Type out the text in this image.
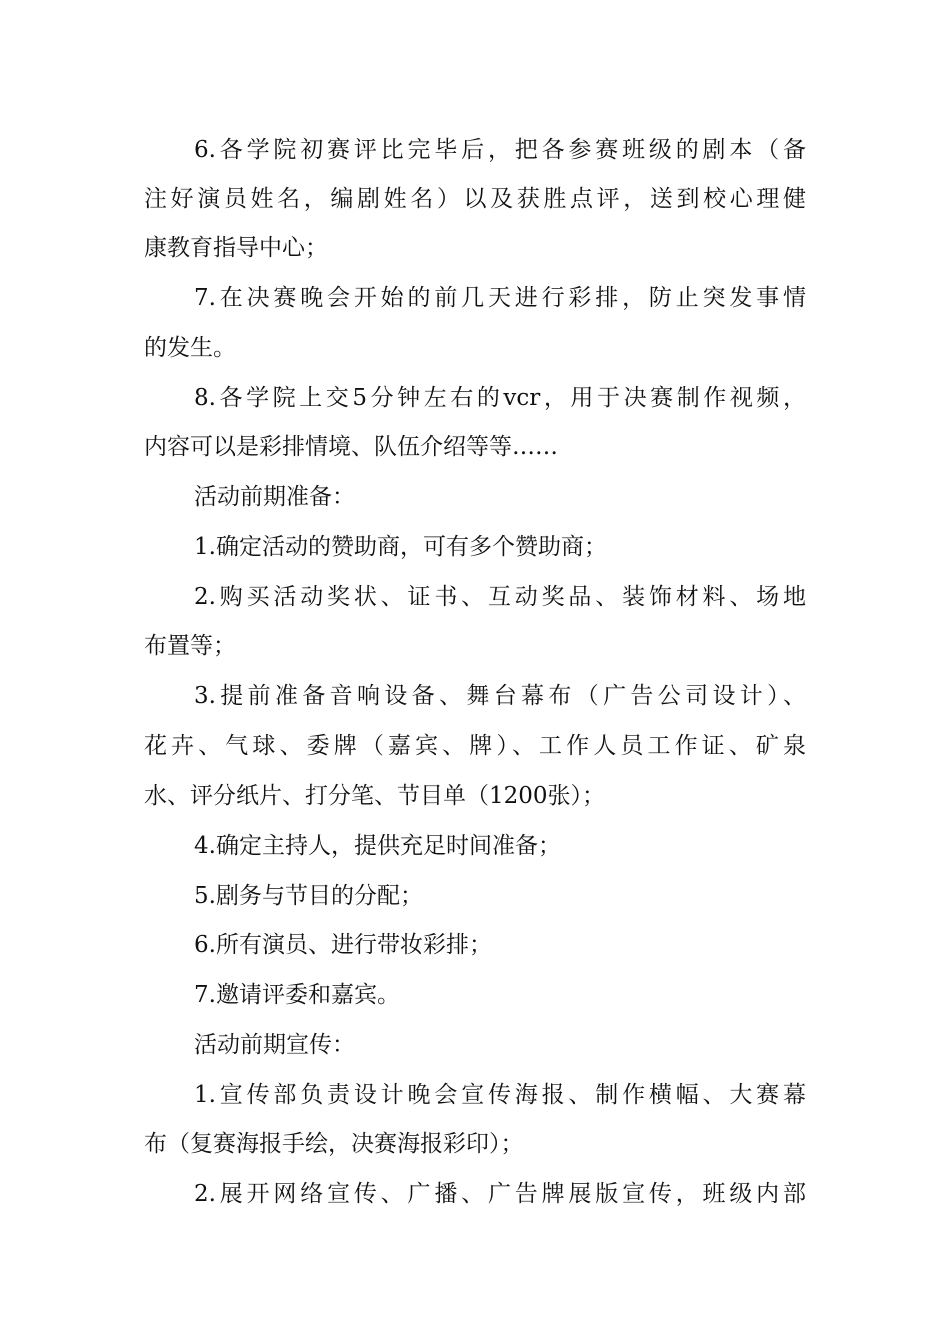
6.各学院初赛评比完毕后，把各参赛班级的剧本（备
注好演员姓名，编剧姓名）以及获胜点评，送到校心理健
康教育指导中心；
7.在决赛晚会开始的前几天进行彩排，防止突发事情
的发生。
8.各学院上交5分钟左右的vcr，用于决赛制作视频，
内容可以是彩排情境、队伍介绍等等……
活动前期准备：
1.确定活动的赞助商，可有多个赞助商；
2.购买活动奖状、证书、互动奖品、装饰材料、场地
布置等；
3.提前准备音响设备、舞台幕布（广告公司设计）、
花卉、气球、委牌（嘉宾、牌）、工作人员工作证、矿泉
水、评分纸片、打分笔、节目单（1200张）；
4.确定主持人，提供充足时间准备；
5.剧务与节目的分配；
6.所有演员、进行带妆彩排；
7.邀请评委和嘉宾。
活动前期宣传：
1.宣传部负责设计晚会宣传海报、制作横幅、大赛幕
布（复赛海报手绘，决赛海报彩印）；
2.展开网络宣传、广播、广告牌展版宣传，班级内部
